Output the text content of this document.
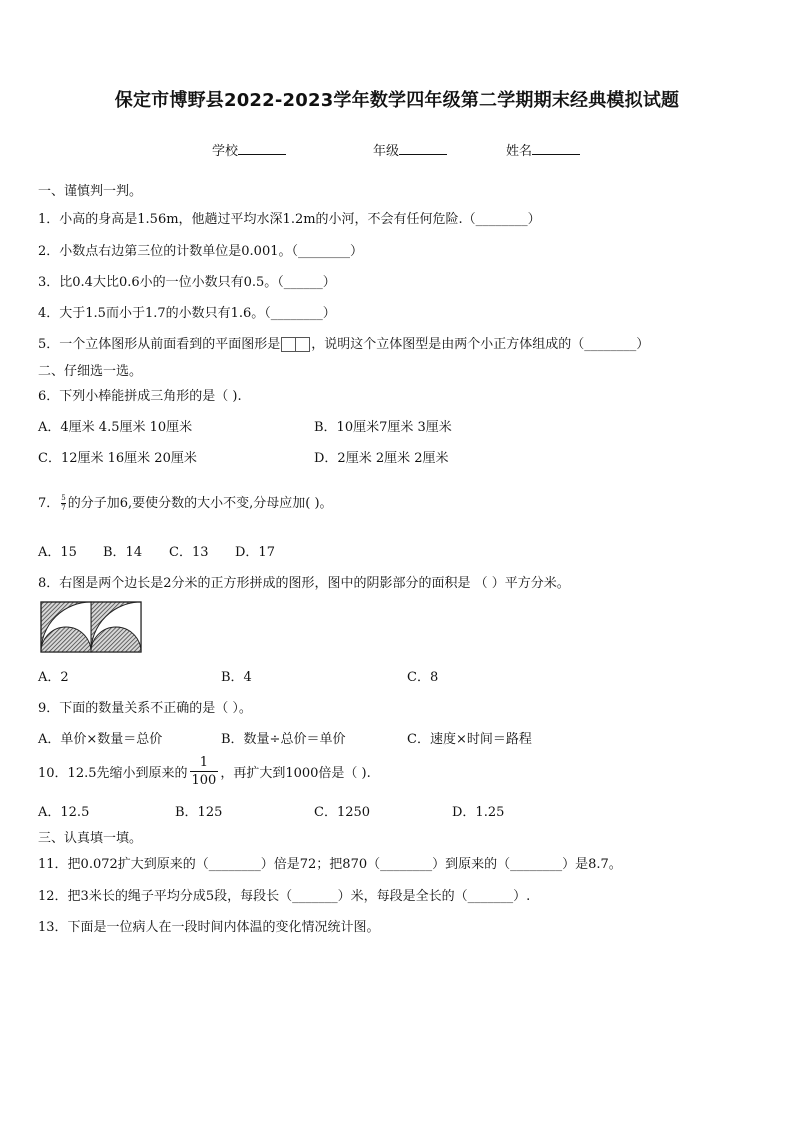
保定市博野县2022-2023学年数学四年级第二学期期末经典模拟试题
学校	年级	姓名
一、谨慎判一判。
1．小高的身高是1.56m，他趟过平均水深1.2m的小河，不会有任何危险.（________）
2．小数点右边第三位的计数单位是0.001。（________）
3．比0.4大比0.6小的一位小数只有0.5。（______）
4．大于1.5而小于1.7的小数只有1.6。（________）
5．一个立体图形从前面看到的平面图形是 ，说明这个立体图型是由两个小正方体组成的（________）
二、仔细选一选。
6．下列小棒能拼成三角形的是（ ).
A．4厘米 4.5厘米 10厘米	B．10厘米7厘米 3厘米
C．12厘米 16厘米 20厘米	D．2厘米 2厘米 2厘米
7． $\frac{5}{7}$ 的分子加6,要使分数的大小不变,分母应加( )。
A．15 B．14 C．13 D．17
8．右图是两个边长是2分米的正方形拼成的图形，图中的阴影部分的面积是 （ ）平方分米。
A．2	B．4	C．8
9．下面的数量关系不正确的是（ ）。
A．单价×数量＝总价	B．数量÷总价＝单价	C．速度×时间＝路程
10．12.5先缩小到原来的 $\frac{1}{100}$ ，再扩大到1000倍是（ ).
A．12.5	B．125	C．1250	D．1.25
三、认真填一填。
11．把0.072扩大到原来的（________）倍是72；把870（________）到原来的（________）是8.7。
12．把3米长的绳子平均分成5段，每段长（_______）米，每段是全长的（_______）.
13．下面是一位病人在一段时间内体温的变化情况统计图。
